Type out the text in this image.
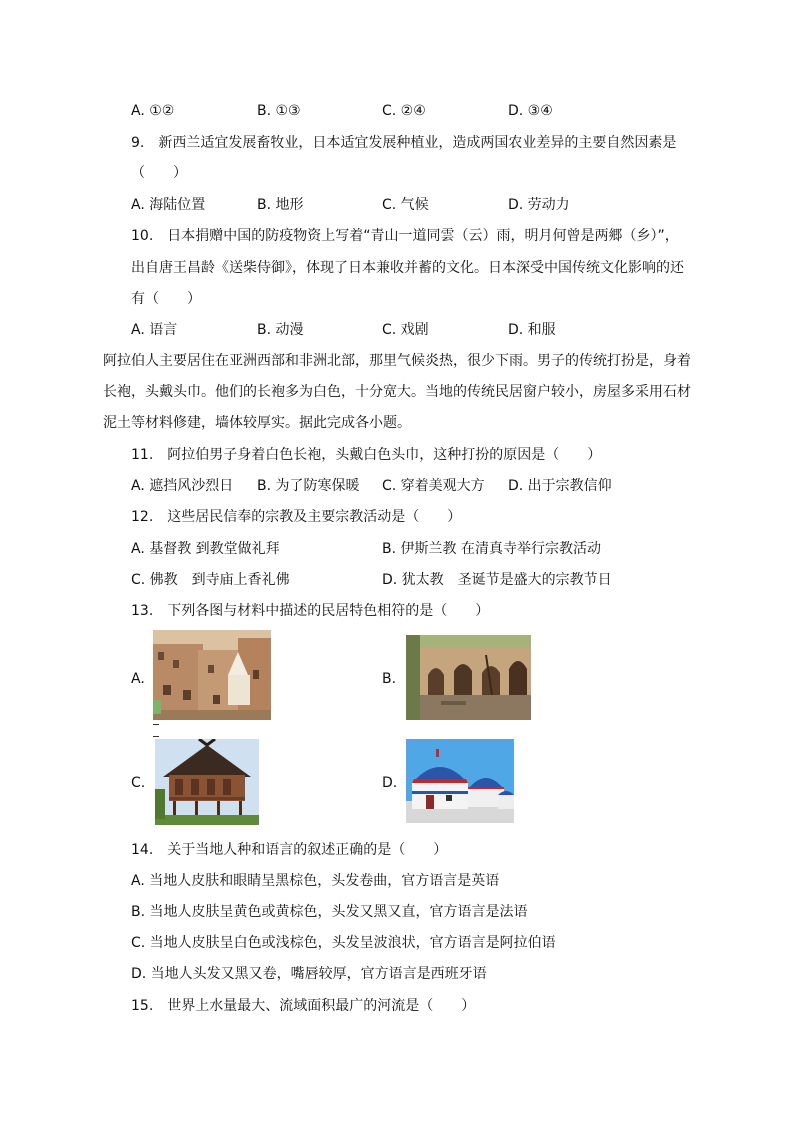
A. ①②	B. ①③	C. ②④	D. ③④
9.　新西兰适宜发展畜牧业，日本适宜发展种植业，造成两国农业差异的主要自然因素是
（　　）
A. 海陆位置	B. 地形	C. 气候	D. 劳动力
10.　日本捐赠中国的防疫物资上写着“青山一道同雲（云）雨，明月何曾是两郷（乡）”，
出自唐王昌龄《送柴侍御》，体现了日本兼收并蓄的文化。日本深受中国传统文化影响的还
有（　　）
A. 语言	B. 动漫	C. 戏剧	D. 和服
阿拉伯人主要居住在亚洲西部和非洲北部，那里气候炎热，很少下雨。男子的传统打扮是，身着
长袍，头戴头巾。他们的长袍多为白色，十分宽大。当地的传统民居窗户较小，房屋多采用石材
泥土等材料修建，墙体较厚实。据此完成各小题。
11.　阿拉伯男子身着白色长袍，头戴白色头巾，这种打扮的原因是（　　）
A. 遮挡风沙烈日 B. 为了防寒保暖 C. 穿着美观大方 D. 出于宗教信仰
12.　这些居民信奉的宗教及主要宗教活动是（　　）
A. 基督教 到教堂做礼拜	B. 伊斯兰教 在清真寺举行宗教活动
C. 佛教　到寺庙上香礼佛	D. 犹太教　圣诞节是盛大的宗教节日
13.　下列各图与材料中描述的民居特色相符的是（　　）
A.	B.
C.	D.
14.　关于当地人种和语言的叙述正确的是（　　）
A. 当地人皮肤和眼睛呈黑棕色，头发卷曲，官方语言是英语
B. 当地人皮肤呈黄色或黄棕色，头发又黑又直，官方语言是法语
C. 当地人皮肤呈白色或浅棕色，头发呈波浪状，官方语言是阿拉伯语
D. 当地人头发又黑又卷，嘴唇较厚，官方语言是西班牙语
15.　世界上水量最大、流域面积最广的河流是（　　）
